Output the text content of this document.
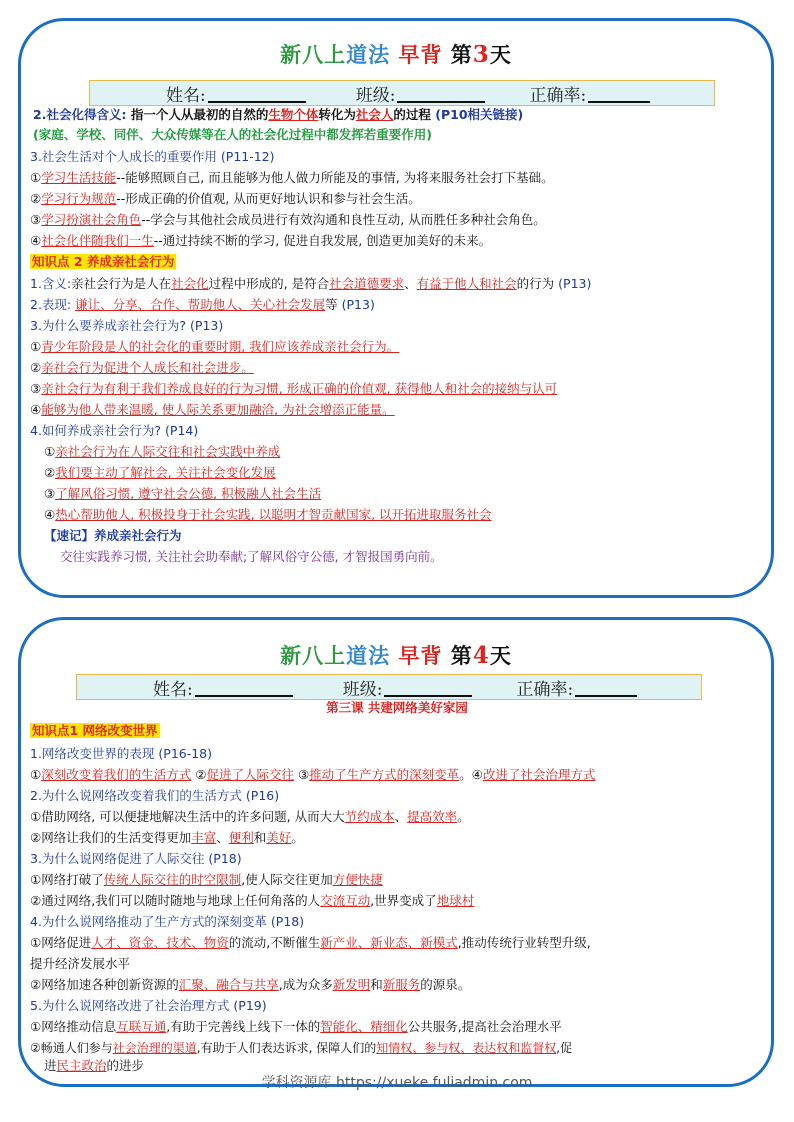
新八上道法 早背 第3天
姓名:	班级:	正确率:
2.社会化得含义: 指一个人从最初的自然的生物个体转化为社会人的过程 (P10相关链接)
(家庭、学校、同伴、大众传媒等在人的社会化过程中都发挥若重要作用)
3.社会生活对个人成长的重要作用 (P11-12)
①学习生活技能--能够照顾自己, 而且能够为他人做力所能及的事情, 为将来服务社会打下基础。
②学习行为规范--形成正确的价值观, 从而更好地认识和参与社会生活。
③学习扮演社会角色--学会与其他社会成员进行有效沟通和良性互动, 从而胜任多种社会角色。
④社会化伴随我们一生--通过持续不断的学习, 促进自我发展, 创造更加美好的未来。
知识点 2 养成亲社会行为
1.含义:亲社会行为是人在社会化过程中形成的, 是符合社会道德要求、有益于他人和社会的行为 (P13)
2.表现: 谦让、分享、合作、帮助他人、关心社会发展等 (P13)
3.为什么要养成亲社会行为? (P13)
①青少年阶段是人的社会化的重要时期, 我们应该养成亲社会行为。
②亲社会行为促进个人成长和社会进步。
③亲社会行为有利于我们养成良好的行为习惯, 形成正确的价值观, 获得他人和社会的接纳与认可
④能够为他人带来温暖, 使人际关系更加融洽, 为社会增添正能量。
4.如何养成亲社会行为? (P14)
①亲社会行为在人际交往和社会实践中养成
②我们要主动了解社会, 关注社会变化发展
③了解风俗习惯, 遵守社会公德, 积极融人社会生活
④热心帮助他人, 积极投身于社会实践, 以聪明才智贡献国家, 以开拓进取服务社会
【速记】养成亲社会行为
交往实践养习惯, 关注社会助奉献;了解风俗守公德, 才智报国勇向前。
新八上道法 早背 第4天
姓名:	班级:	正确率:
第三课 共建网络美好家园
知识点1 网络改变世界
1.网络改变世界的表现 (P16-18)
①深刻改变着我们的生活方式 ②促进了人际交往 ③推动了生产方式的深刻变革。④改进了社会治理方式
2.为什么说网络改变着我们的生活方式 (P16)
①借助网络, 可以便捷地解决生活中的许多问题, 从而大大节约成本、提高效率。
②网络让我们的生活变得更加丰富、便利和美好。
3.为什么说网络促进了人际交往 (P18)
①网络打破了传统人际交往的时空限制,使人际交往更加方便快捷
②通过网络,我们可以随时随地与地球上任何角落的人交流互动,世界变成了地球村
4.为什么说网络推动了生产方式的深刻变革 (P18)
①网络促进人才、资金、技术、物资的流动,不断催生新产业、新业态、新模式,推动传统行业转型升级,
提升经济发展水平
②网络加速各种创新资源的汇聚、融合与共享,成为众多新发明和新服务的源泉。
5.为什么说网络改进了社会治理方式 (P19)
①网络推动信息互联互通,有助于完善线上线下一体的智能化、精细化公共服务,提高社会治理水平
②畅通人们参与社会治理的渠道,有助于人们表达诉求, 保障人们的知情权、参与权、表达权和监督权,促
进民主政治的进步
学科资源库 https://xueke.fuliadmin.com
